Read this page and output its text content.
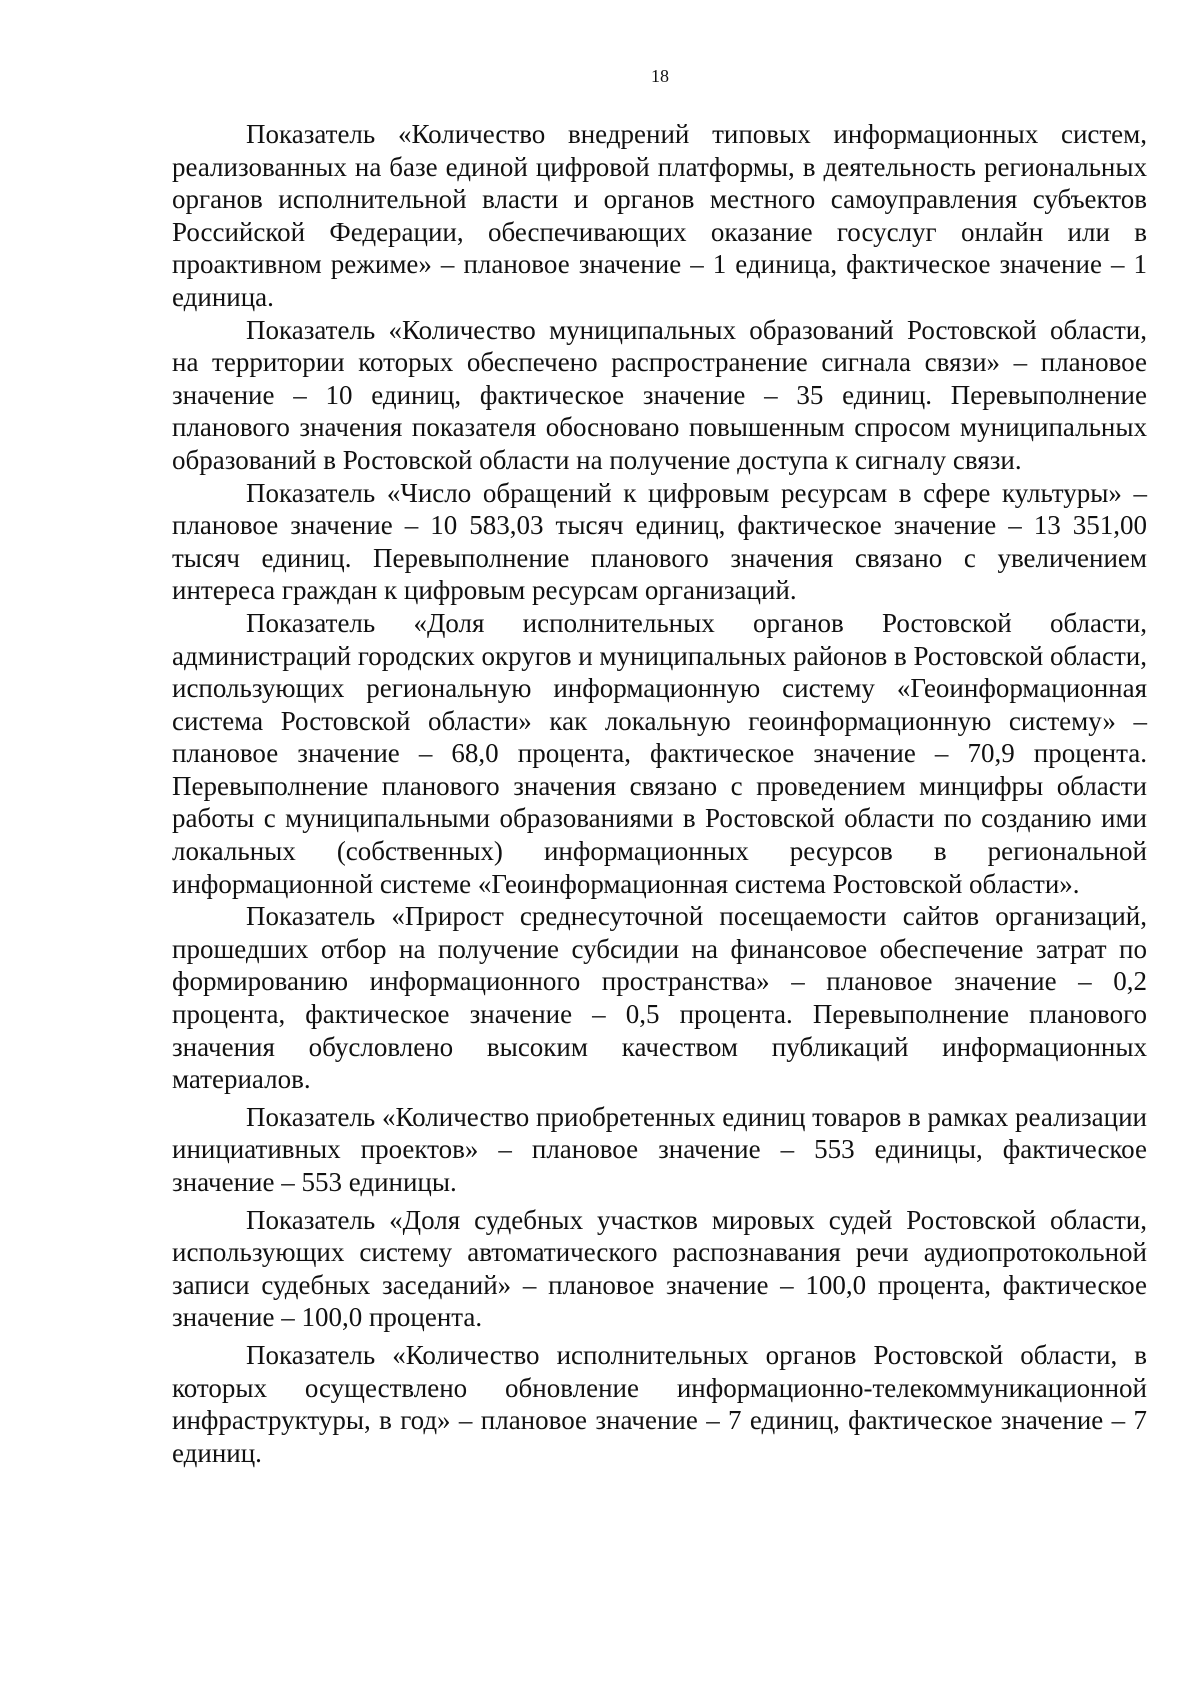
18

Показатель «Количество внедрений типовых информационных систем, реализованных на базе единой цифровой платформы, в деятельность региональных органов исполнительной власти и органов местного самоуправления субъектов Российской Федерации, обеспечивающих оказание госуслуг онлайн или в проактивном режиме» – плановое значение – 1 единица, фактическое значение – 1 единица.

Показатель «Количество муниципальных образований Ростовской области, на территории которых обеспечено распространение сигнала связи» – плановое значение – 10 единиц, фактическое значение – 35 единиц. Перевыполнение планового значения показателя обосновано повышенным спросом муниципальных образований в Ростовской области на получение доступа к сигналу связи.

Показатель «Число обращений к цифровым ресурсам в сфере культуры» – плановое значение – 10 583,03 тысяч единиц, фактическое значение – 13 351,00 тысяч единиц. Перевыполнение планового значения связано с увеличением интереса граждан к цифровым ресурсам организаций.

Показатель «Доля исполнительных органов Ростовской области, администраций городских округов и муниципальных районов в Ростовской области, использующих региональную информационную систему «Геоинформационная система Ростовской области» как локальную геоинформационную систему» – плановое значение – 68,0 процента, фактическое значение – 70,9 процента. Перевыполнение планового значения связано с проведением минцифры области работы с муниципальными образованиями в Ростовской области по созданию ими локальных (собственных) информационных ресурсов в региональной информационной системе «Геоинформационная система Ростовской области».

Показатель «Прирост среднесуточной посещаемости сайтов организаций, прошедших отбор на получение субсидии на финансовое обеспечение затрат по формированию информационного пространства» – плановое значение – 0,2 процента, фактическое значение – 0,5 процента. Перевыполнение планового значения обусловлено высоким качеством публикаций информационных материалов.

Показатель «Количество приобретенных единиц товаров в рамках реализации инициативных проектов» – плановое значение – 553 единицы, фактическое значение – 553 единицы.

Показатель «Доля судебных участков мировых судей Ростовской области, использующих систему автоматического распознавания речи аудиопротокольной записи судебных заседаний» – плановое значение – 100,0 процента, фактическое значение – 100,0 процента.

Показатель «Количество исполнительных органов Ростовской области, в которых осуществлено обновление информационно-телекоммуникационной инфраструктуры, в год» – плановое значение – 7 единиц, фактическое значение – 7 единиц.
